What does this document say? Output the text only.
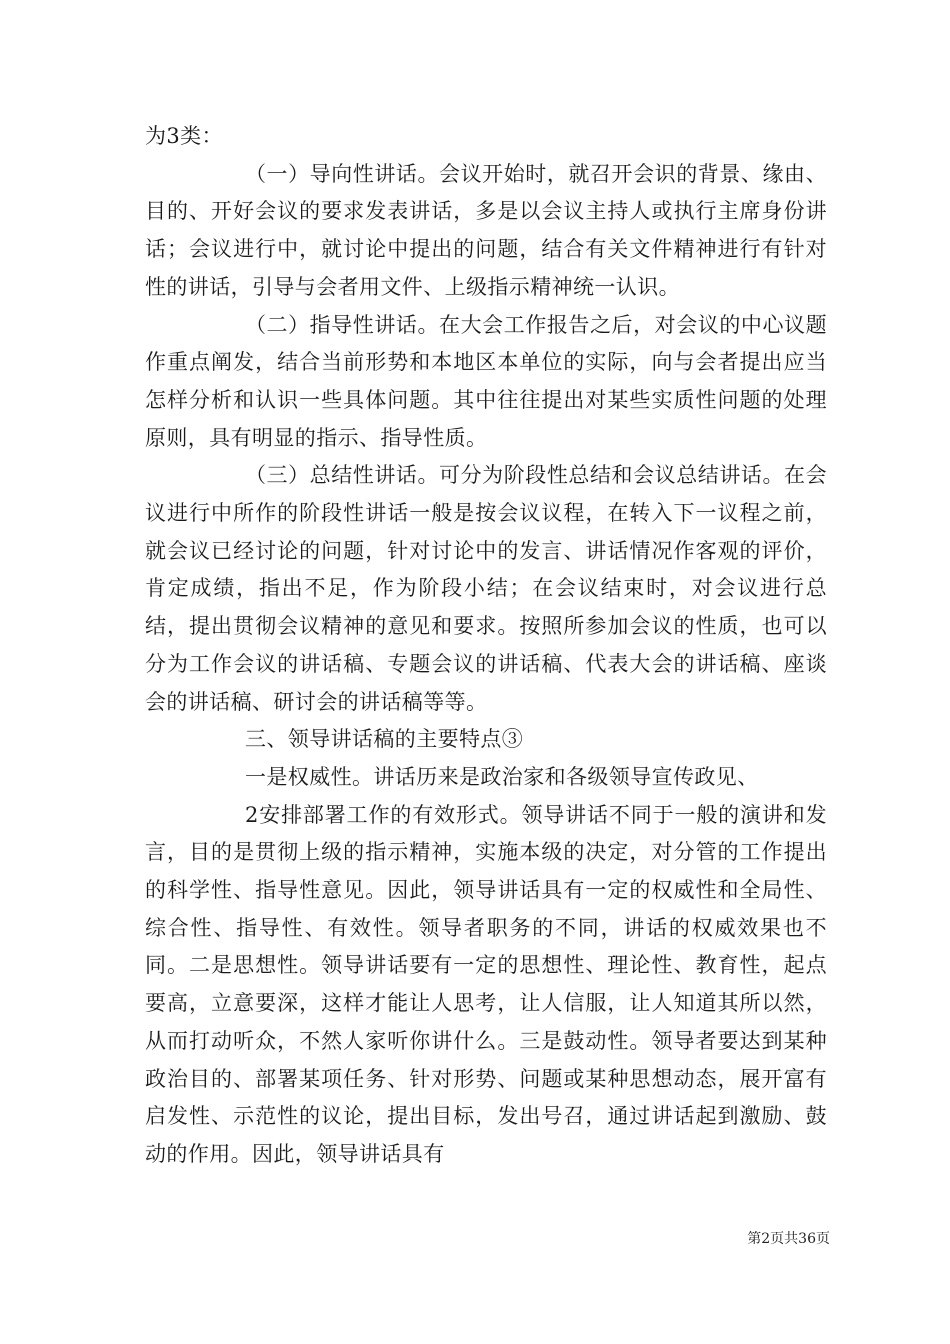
为3类：

（一）导向性讲话。会议开始时，就召开会识的背景、缘由、目的、开好会议的要求发表讲话，多是以会议主持人或执行主席身份讲话；会议进行中，就讨论中提出的问题，结合有关文件精神进行有针对性的讲话，引导与会者用文件、上级指示精神统一认识。

（二）指导性讲话。在大会工作报告之后，对会议的中心议题作重点阐发，结合当前形势和本地区本单位的实际，向与会者提出应当怎样分析和认识一些具体问题。其中往往提出对某些实质性问题的处理原则，具有明显的指示、指导性质。

（三）总结性讲话。可分为阶段性总结和会议总结讲话。在会议进行中所作的阶段性讲话一般是按会议议程，在转入下一议程之前，就会议已经讨论的问题，针对讨论中的发言、讲话情况作客观的评价，肯定成绩，指出不足，作为阶段小结；在会议结束时，对会议进行总结，提出贯彻会议精神的意见和要求。按照所参加会议的性质，也可以分为工作会议的讲话稿、专题会议的讲话稿、代表大会的讲话稿、座谈会的讲话稿、研讨会的讲话稿等等。

三、领导讲话稿的主要特点③

一是权威性。讲话历来是政治家和各级领导宣传政见、

2安排部署工作的有效形式。领导讲话不同于一般的演讲和发言，目的是贯彻上级的指示精神，实施本级的决定，对分管的工作提出的科学性、指导性意见。因此，领导讲话具有一定的权威性和全局性、综合性、指导性、有效性。领导者职务的不同，讲话的权威效果也不同。二是思想性。领导讲话要有一定的思想性、理论性、教育性，起点要高，立意要深，这样才能让人思考，让人信服，让人知道其所以然，从而打动听众，不然人家听你讲什么。三是鼓动性。领导者要达到某种政治目的、部署某项任务、针对形势、问题或某种思想动态，展开富有启发性、示范性的议论，提出目标，发出号召，通过讲话起到激励、鼓动的作用。因此，领导讲话具有

第2页共36页
